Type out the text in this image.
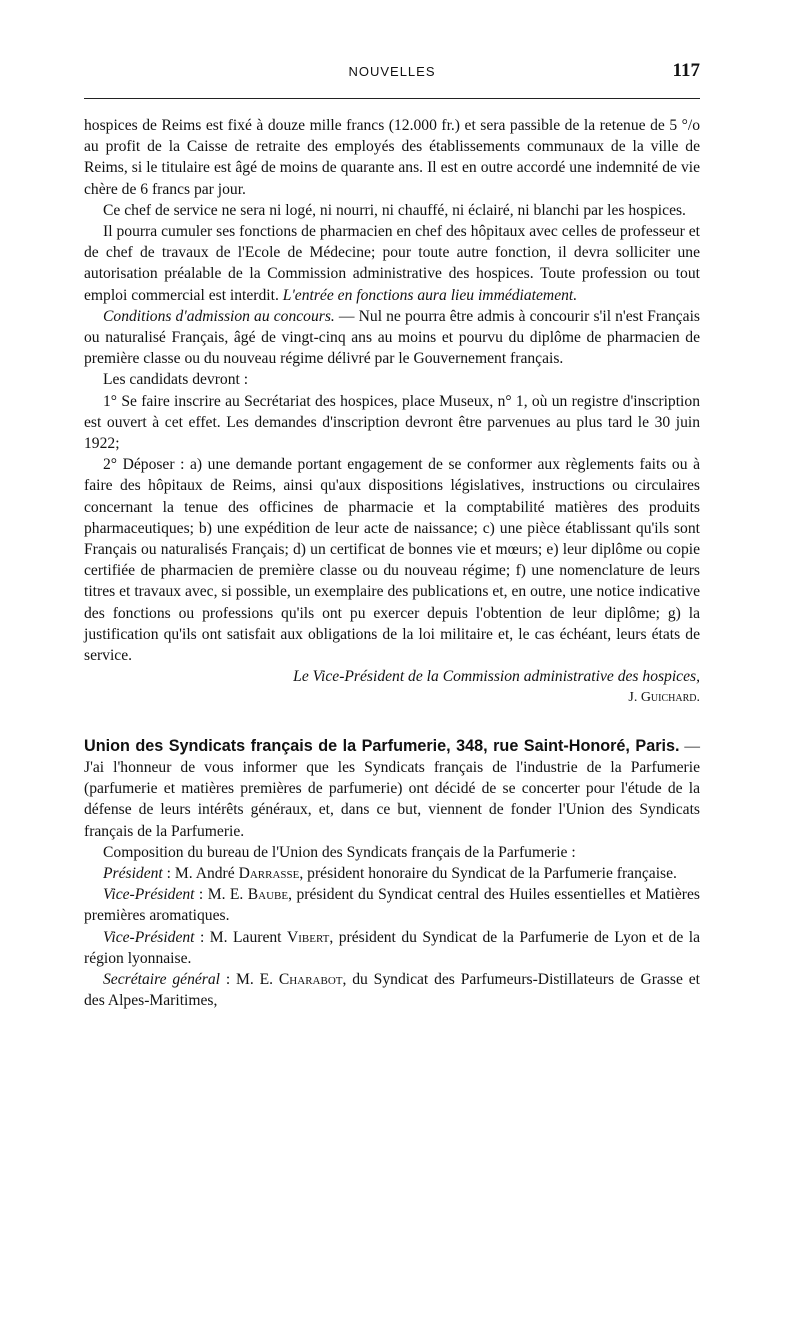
NOUVELLES	117

hospices de Reims est fixé à douze mille francs (12.000 fr.) et sera passible de la retenue de 5 °/o au profit de la Caisse de retraite des employés des établissements communaux de la ville de Reims, si le titulaire est âgé de moins de quarante ans. Il est en outre accordé une indemnité de vie chère de 6 francs par jour.

Ce chef de service ne sera ni logé, ni nourri, ni chauffé, ni éclairé, ni blanchi par les hospices.

Il pourra cumuler ses fonctions de pharmacien en chef des hôpitaux avec celles de professeur et de chef de travaux de l'Ecole de Médecine; pour toute autre fonction, il devra solliciter une autorisation préalable de la Commission administrative des hospices. Toute profession ou tout emploi commercial est interdit. L'entrée en fonctions aura lieu immédiatement.

Conditions d'admission au concours. — Nul ne pourra être admis à concourir s'il n'est Français ou naturalisé Français, âgé de vingt-cinq ans au moins et pourvu du diplôme de pharmacien de première classe ou du nouveau régime délivré par le Gouvernement français.

Les candidats devront :

1° Se faire inscrire au Secrétariat des hospices, place Museux, n° 1, où un registre d'inscription est ouvert à cet effet. Les demandes d'inscription devront être parvenues au plus tard le 30 juin 1922;

2° Déposer : a) une demande portant engagement de se conformer aux règlements faits ou à faire des hôpitaux de Reims, ainsi qu'aux dispositions législatives, instructions ou circulaires concernant la tenue des officines de pharmacie et la comptabilité matières des produits pharmaceutiques; b) une expédition de leur acte de naissance; c) une pièce établissant qu'ils sont Français ou naturalisés Français; d) un certificat de bonnes vie et mœurs; e) leur diplôme ou copie certifiée de pharmacien de première classe ou du nouveau régime; f) une nomenclature de leurs titres et travaux avec, si possible, un exemplaire des publications et, en outre, une notice indicative des fonctions ou professions qu'ils ont pu exercer depuis l'obtention de leur diplôme; g) la justification qu'ils ont satisfait aux obligations de la loi militaire et, le cas échéant, leurs états de service.

Le Vice-Président de la Commission administrative des hospices,

J. Guichard.

Union des Syndicats français de la Parfumerie, 348, rue Saint-Honoré, Paris. — J'ai l'honneur de vous informer que les Syndicats français de l'industrie de la Parfumerie (parfumerie et matières premières de parfumerie) ont décidé de se concerter pour l'étude de la défense de leurs intérêts généraux, et, dans ce but, viennent de fonder l'Union des Syndicats français de la Parfumerie.

Composition du bureau de l'Union des Syndicats français de la Parfumerie :

Président : M. André Darrasse, président honoraire du Syndicat de la Parfumerie française.

Vice-Président : M. E. Baube, président du Syndicat central des Huiles essentielles et Matières premières aromatiques.

Vice-Président : M. Laurent Vibert, président du Syndicat de la Parfumerie de Lyon et de la région lyonnaise.

Secrétaire général : M. E. Charabot, du Syndicat des Parfumeurs-Distillateurs de Grasse et des Alpes-Maritimes,
